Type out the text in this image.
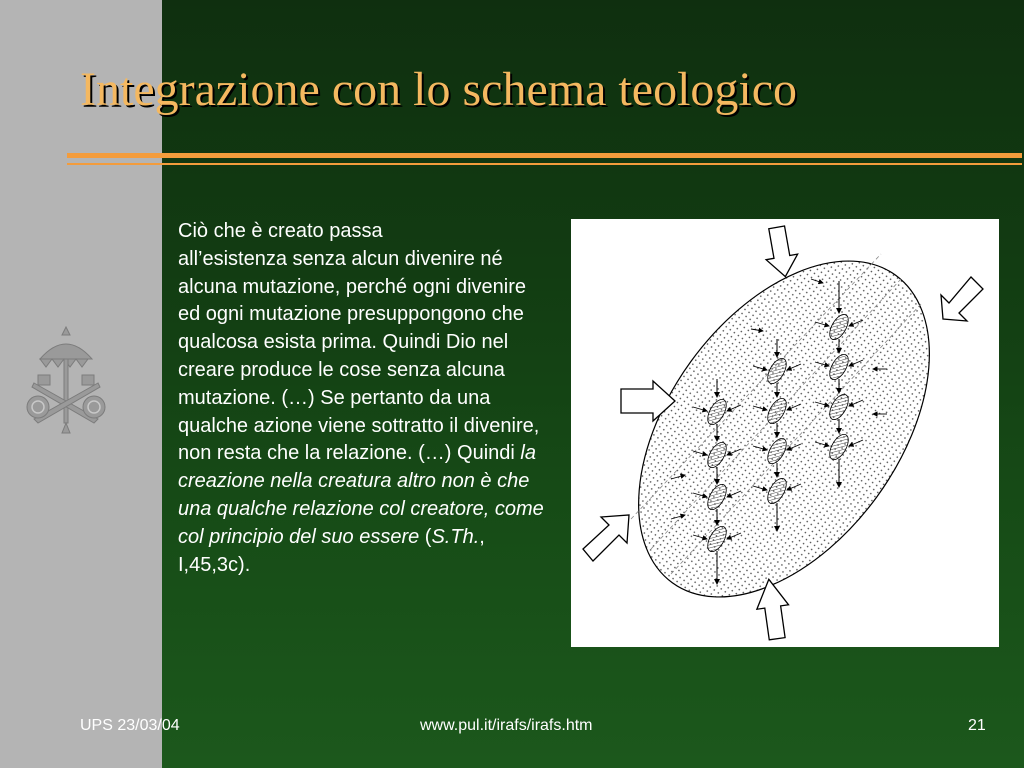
Integrazione con lo schema teologico
Ciò che è creato passa
all’esistenza senza alcun divenire né alcuna mutazione, perché ogni divenire ed ogni mutazione presuppongono che qualcosa esista prima. Quindi Dio nel creare produce le cose senza alcuna mutazione. (…) Se pertanto da una qualche azione viene sottratto il divenire, non resta che la relazione. (…) Quindi la creazione nella creatura altro non è che una qualche relazione col creatore, come col principio del suo essere (S.Th., I,45,3c).
UPS 23/03/04	www.pul.it/irafs/irafs.htm	21
